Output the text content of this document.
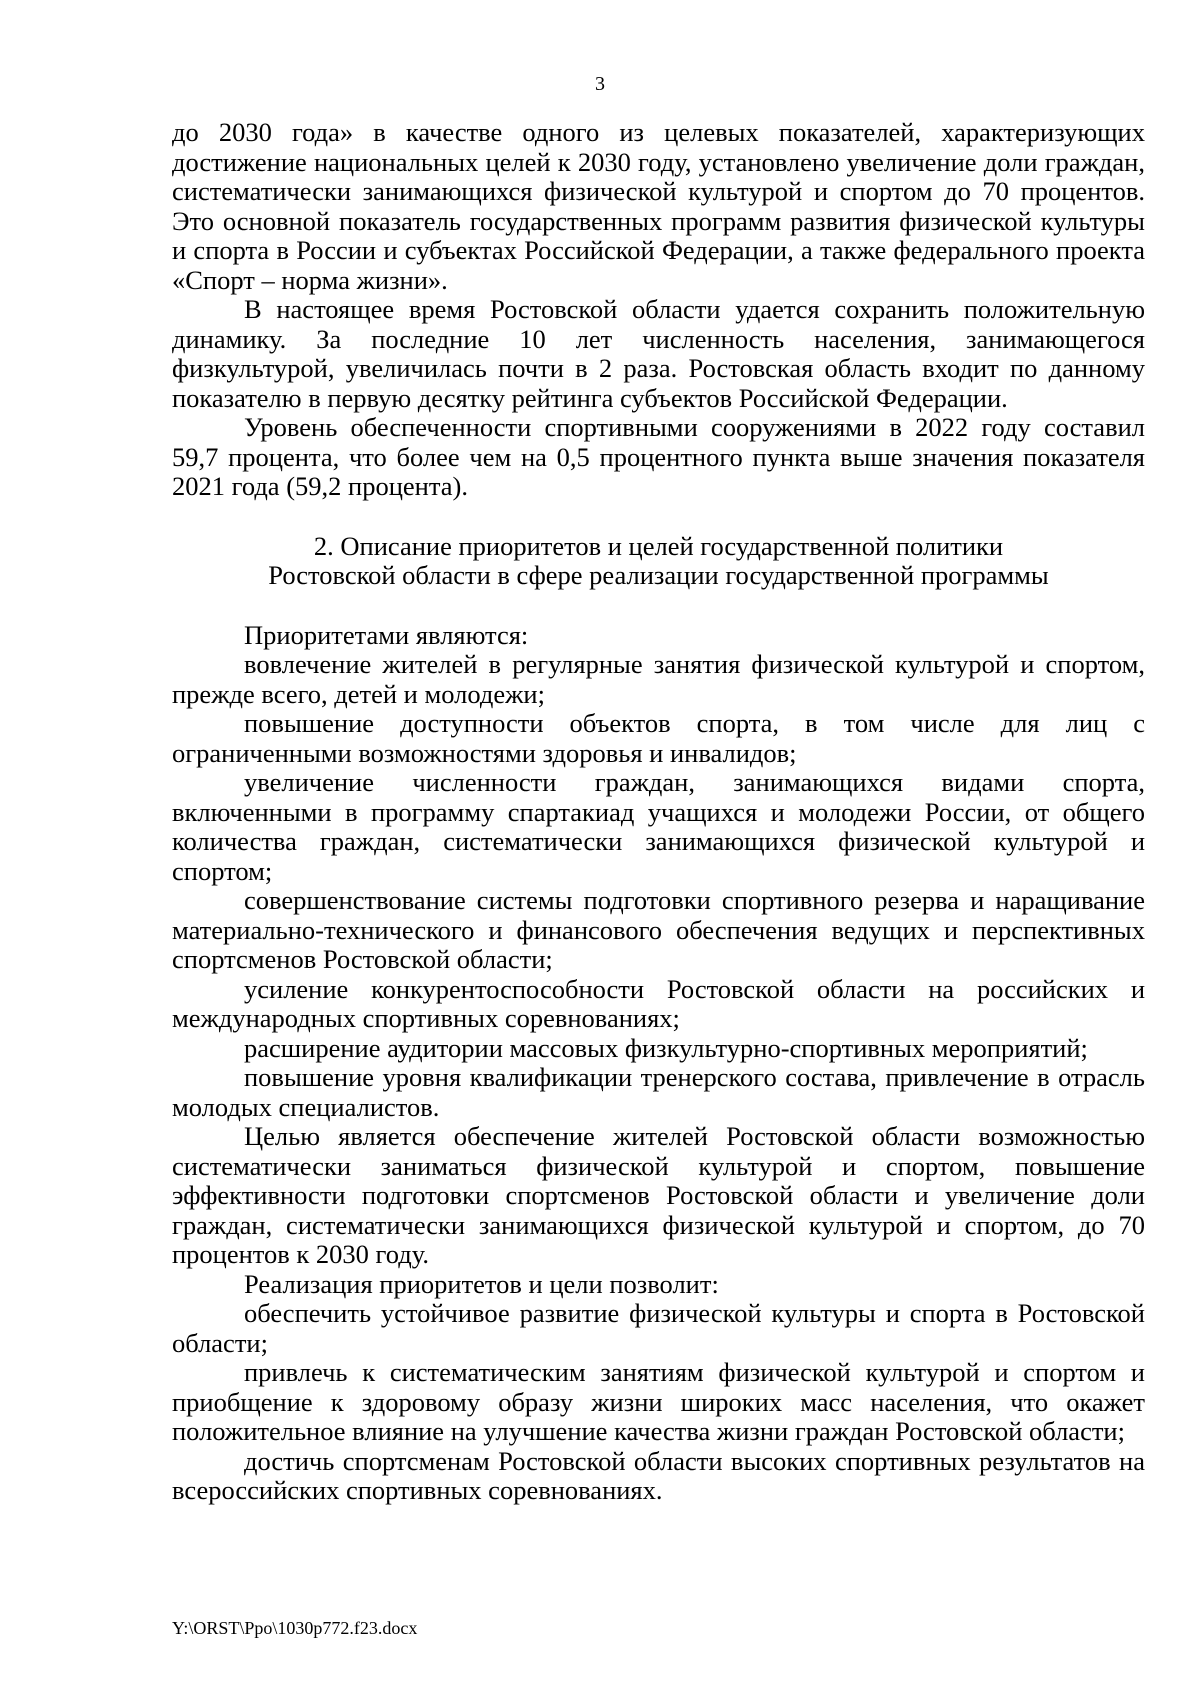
3

до 2030 года» в качестве одного из целевых показателей, характеризующих достижение национальных целей к 2030 году, установлено увеличение доли граждан, систематически занимающихся физической культурой и спортом до 70 процентов. Это основной показатель государственных программ развития физической культуры и спорта в России и субъектах Российской Федерации, а также федерального проекта «Спорт – норма жизни».

В настоящее время Ростовской области удается сохранить положительную динамику. За последние 10 лет численность населения, занимающегося физкультурой, увеличилась почти в 2 раза. Ростовская область входит по данному показателю в первую десятку рейтинга субъектов Российской Федерации.

Уровень обеспеченности спортивными сооружениями в 2022 году составил 59,7 процента, что более чем на 0,5 процентного пункта выше значения показателя 2021 года (59,2 процента).

2. Описание приоритетов и целей государственной политики
Ростовской области в сфере реализации государственной программы

Приоритетами являются:

вовлечение жителей в регулярные занятия физической культурой и спортом, прежде всего, детей и молодежи;

повышение доступности объектов спорта, в том числе для лиц с ограниченными возможностями здоровья и инвалидов;

увеличение численности граждан, занимающихся видами спорта, включенными в программу спартакиад учащихся и молодежи России, от общего количества граждан, систематически занимающихся физической культурой и спортом;

совершенствование системы подготовки спортивного резерва и наращивание материально-технического и финансового обеспечения ведущих и перспективных спортсменов Ростовской области;

усиление конкурентоспособности Ростовской области на российских и международных спортивных соревнованиях;

расширение аудитории массовых физкультурно-спортивных мероприятий;

повышение уровня квалификации тренерского состава, привлечение в отрасль молодых специалистов.

Целью является обеспечение жителей Ростовской области возможностью систематически заниматься физической культурой и спортом, повышение эффективности подготовки спортсменов Ростовской области и увеличение доли граждан, систематически занимающихся физической культурой и спортом, до 70 процентов к 2030 году.

Реализация приоритетов и цели позволит:

обеспечить устойчивое развитие физической культуры и спорта в Ростовской области;

привлечь к систематическим занятиям физической культурой и спортом и приобщение к здоровому образу жизни широких масс населения, что окажет положительное влияние на улучшение качества жизни граждан Ростовской области;

достичь спортсменам Ростовской области высоких спортивных результатов на всероссийских спортивных соревнованиях.

Y:\ORST\Ppo\1030p772.f23.docx
